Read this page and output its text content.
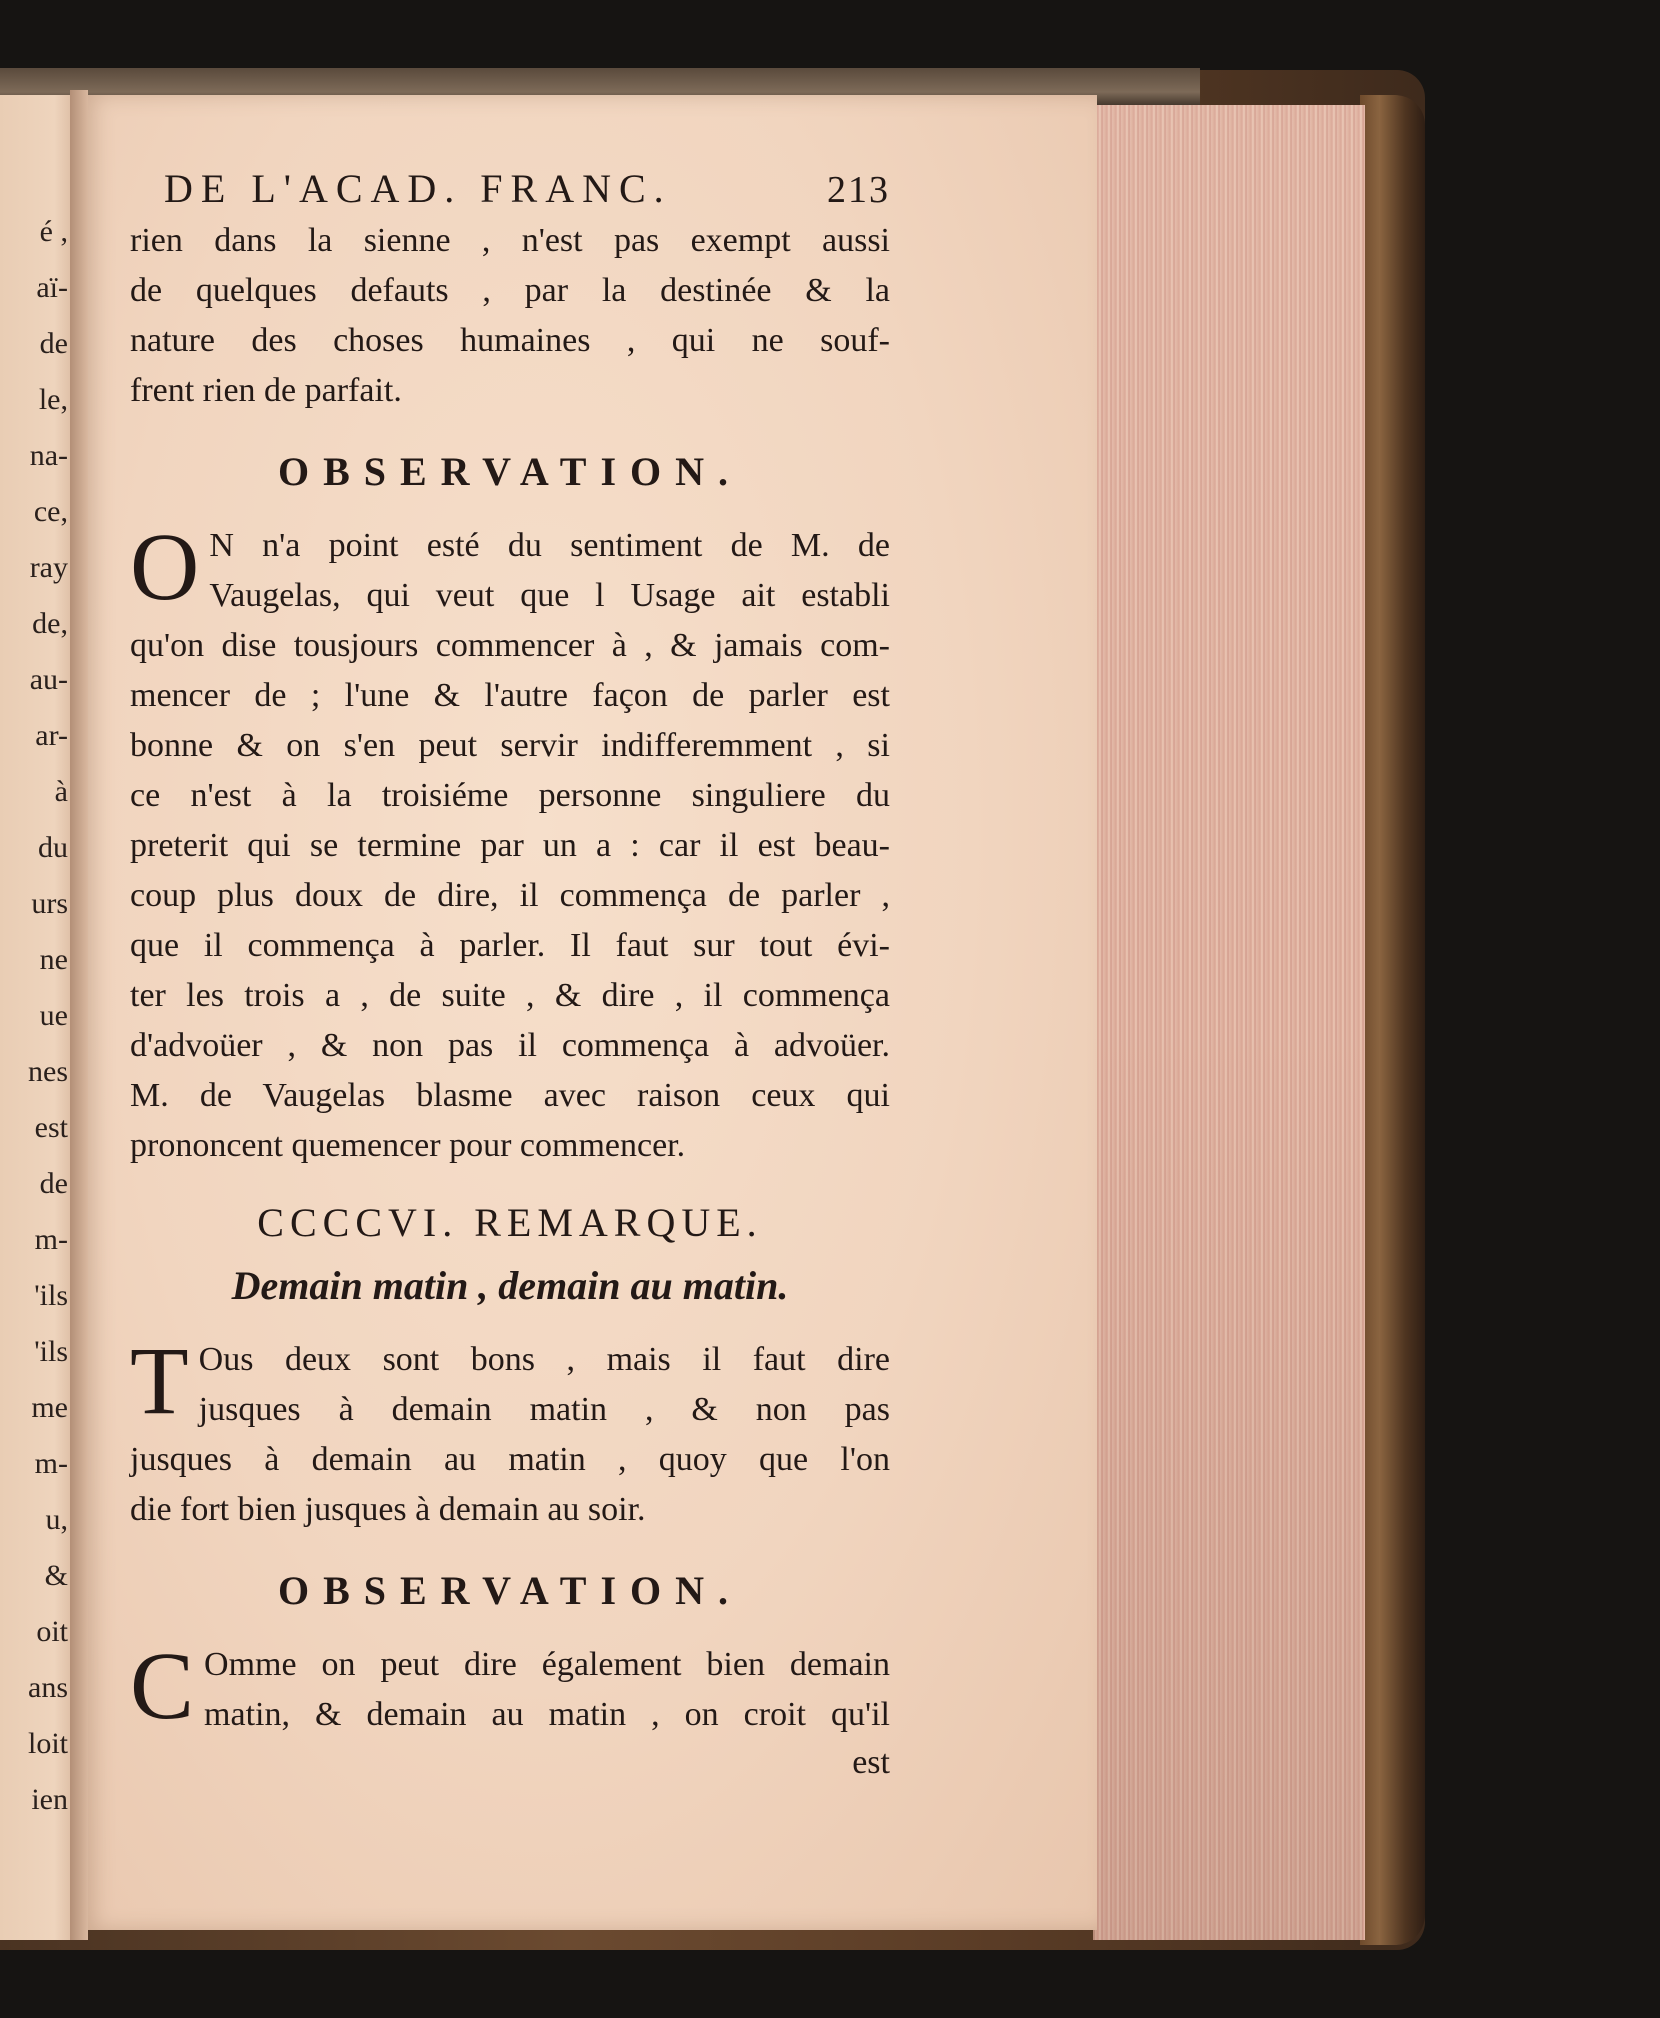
é ,
aï-
de
le,
na-
ce,
ray
de,
au-
ar-
à
du
urs
ne
ue
nes
est
de
m-
'ils
'ils
me
m-
u,
&
oit
ans
loit
ien
DE L'ACAD. FRANC.	213
rien dans la sienne , n'est pas exempt aussi
de quelques defauts , par la destinée & la
nature des choses humaines , qui ne souf-
frent rien de parfait.
OBSERVATION.
O N n'a point esté du sentiment de M. de
Vaugelas, qui veut que l Usage ait establi
qu'on dise tousjours commencer à , & jamais com-
mencer de ; l'une & l'autre façon de parler est
bonne & on s'en peut servir indifferemment , si
ce n'est à la troisiéme personne singuliere du
preterit qui se termine par un a : car il est beau-
coup plus doux de dire, il commença de parler ,
que il commença à parler. Il faut sur tout évi-
ter les trois a , de suite , & dire , il commença
d'advoüer , & non pas il commença à advoüer.
M. de Vaugelas blasme avec raison ceux qui
prononcent quemencer pour commencer.
CCCCVI. REMARQUE.
Demain matin , demain au matin.
T Ous deux sont bons , mais il faut dire
jusques à demain matin , & non pas
jusques à demain au matin , quoy que l'on
die fort bien jusques à demain au soir.
OBSERVATION.
C Omme on peut dire également bien demain
matin, & demain au matin , on croit qu'il
est
